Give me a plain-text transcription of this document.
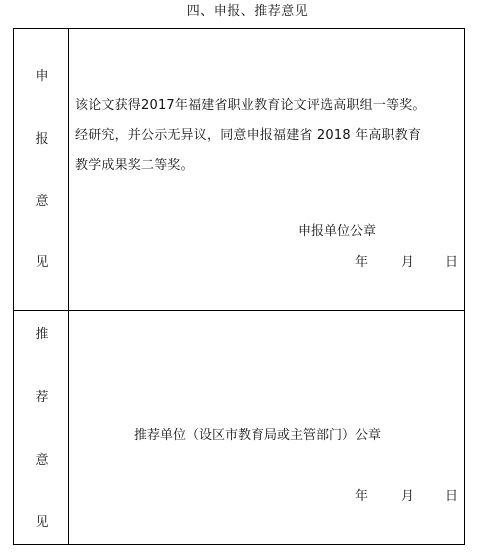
四、申报、推荐意见
申
报
意
见
该论文获得2017年福建省职业教育论文评选高职组一等奖。
经研究，并公示无异议，同意申报福建省 2018 年高职教育
教学成果奖二等奖。
申报单位公章
年	月 日
推
荐
意
见
推荐单位（设区市教育局或主管部门）公章
年	月 日
